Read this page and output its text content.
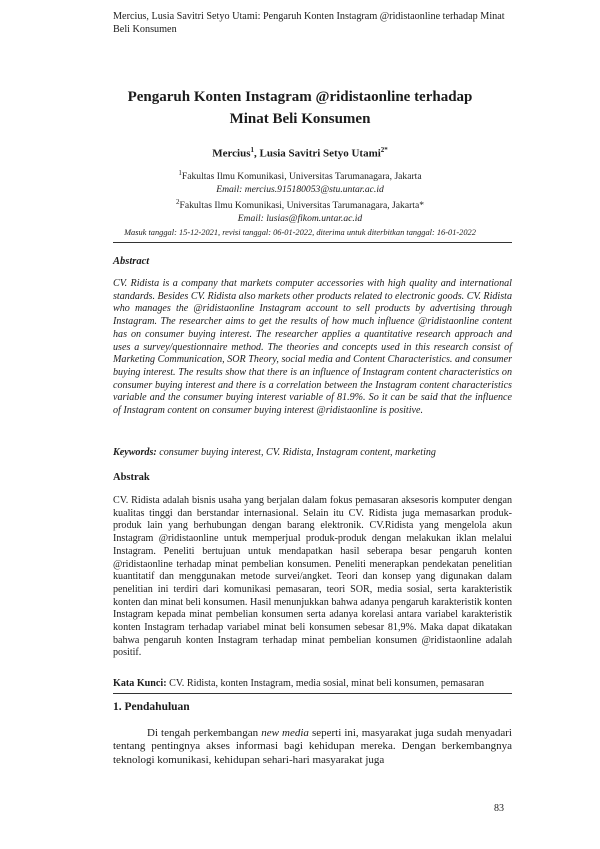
Mercius, Lusia Savitri Setyo Utami: Pengaruh Konten Instagram @ridistaonline terhadap Minat Beli Konsumen
Pengaruh Konten Instagram @ridistaonline terhadap
Minat Beli Konsumen
Mercius$^1$, Lusia Savitri Setyo Utami$^{2*}$
$^1$Fakultas Ilmu Komunikasi, Universitas Tarumanagara, Jakarta
Email: mercius.915180053@stu.untar.ac.id
$^2$Fakultas Ilmu Komunikasi, Universitas Tarumanagara, Jakarta*
Email: lusias@fikom.untar.ac.id
Masuk tanggal: 15-12-2021, revisi tanggal: 06-01-2022, diterima untuk diterbitkan tanggal: 16-01-2022
Abstract
CV. Ridista is a company that markets computer accessories with high quality and international standards. Besides CV. Ridista also markets other products related to electronic goods. CV. Ridista who manages the @ridistaonline Instagram account to sell products by advertising through Instagram. The researcher aims to get the results of how much influence @ridistaonline content has on consumer buying interest. The researcher applies a quantitative research approach and uses a survey/questionnaire method. The theories and concepts used in this research consist of Marketing Communication, SOR Theory, social media and Content Characteristics. and consumer buying interest. The results show that there is an influence of Instagram content characteristics on consumer buying interest and there is a correlation between the Instagram content characteristics variable and the consumer buying interest variable of 81.9%. So it can be said that the influence of Instagram content on consumer buying interest @ridistaonline is positive.
Keywords: consumer buying interest, CV. Ridista, Instagram content, marketing
Abstrak
CV. Ridista adalah bisnis usaha yang berjalan dalam fokus pemasaran aksesoris komputer dengan kualitas tinggi dan berstandar internasional. Selain itu CV. Ridista juga memasarkan produk-produk lain yang berhubungan dengan barang elektronik. CV.Ridista yang mengelola akun Instagram @ridistaonline untuk memperjual produk-produk dengan melakukan iklan melalui Instagram. Peneliti bertujuan untuk mendapatkan hasil seberapa besar pengaruh konten @ridistaonline terhadap minat pembelian konsumen. Peneliti menerapkan pendekatan penelitian kuantitatif dan menggunakan metode survei/angket. Teori dan konsep yang digunakan dalam penelitian ini terdiri dari komunikasi pemasaran, teori SOR, media sosial, serta karakteristik konten dan minat beli konsumen. Hasil menunjukkan bahwa adanya pengaruh karakteristik konten Instagram kepada minat pembelian konsumen serta adanya korelasi antara variabel karakteristik konten Instagram terhadap variabel minat beli konsumen sebesar 81,9%. Maka dapat dikatakan bahwa pengaruh konten Instagram terhadap minat pembelian konsumen @ridistaonline adalah positif.
Kata Kunci: CV. Ridista, konten Instagram, media sosial, minat beli konsumen, pemasaran
1. Pendahuluan
Di tengah perkembangan new media seperti ini, masyarakat juga sudah menyadari tentang pentingnya akses informasi bagi kehidupan mereka. Dengan berkembangnya teknologi komunikasi, kehidupan sehari-hari masyarakat juga
83
